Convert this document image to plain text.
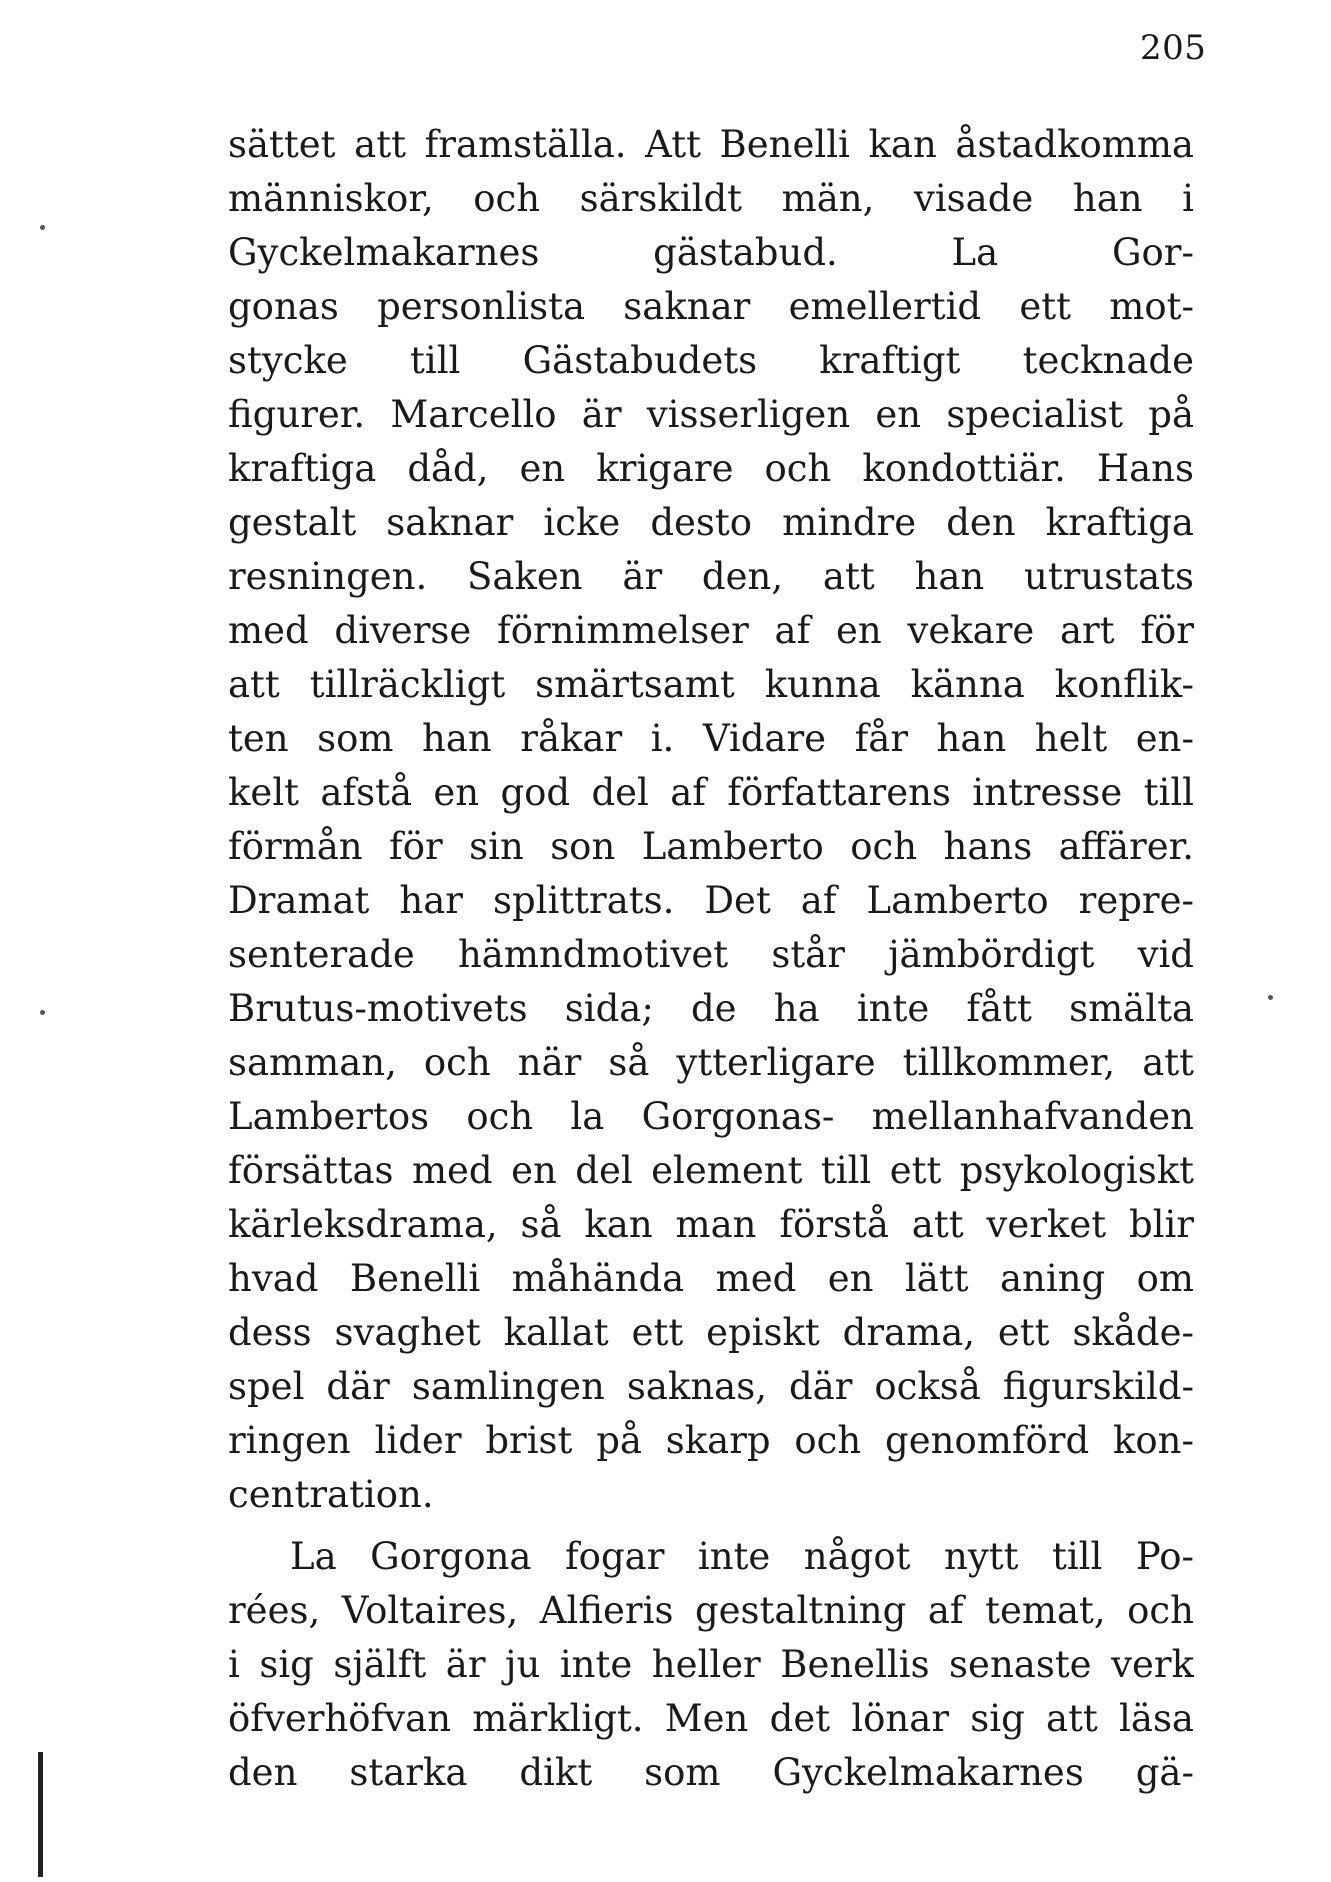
205
sättet att framställa. Att Benelli kan åstadkomma
människor, och särskildt män, visade han i
Gyckelmakarnes gästabud. La Gor-
gonas personlista saknar emellertid ett mot-
stycke till Gästabudets kraftigt tecknade
figurer. Marcello är visserligen en specialist på
kraftiga dåd, en krigare och kondottiär. Hans
gestalt saknar icke desto mindre den kraftiga
resningen. Saken är den, att han utrustats
med diverse förnimmelser af en vekare art för
att tillräckligt smärtsamt kunna känna konflik-
ten som han råkar i. Vidare får han helt en-
kelt afstå en god del af författarens intresse till
förmån för sin son Lamberto och hans affärer.
Dramat har splittrats. Det af Lamberto repre-
senterade hämndmotivet står jämbördigt vid
Brutus-motivets sida; de ha inte fått smälta
samman, och när så ytterligare tillkommer, att
Lambertos och la Gorgonas- mellanhafvanden
försättas med en del element till ett psykologiskt
kärleksdrama, så kan man förstå att verket blir
hvad Benelli måhända med en lätt aning om
dess svaghet kallat ett episkt drama, ett skåde-
spel där samlingen saknas, där också figurskild-
ringen lider brist på skarp och genomförd kon-
centration.
La Gorgona fogar inte något nytt till Po-
rées, Voltaires, Alfieris gestaltning af temat, och
i sig själft är ju inte heller Benellis senaste verk
öfverhöfvan märkligt. Men det lönar sig att läsa
den starka dikt som Gyckelmakarnes gä-
